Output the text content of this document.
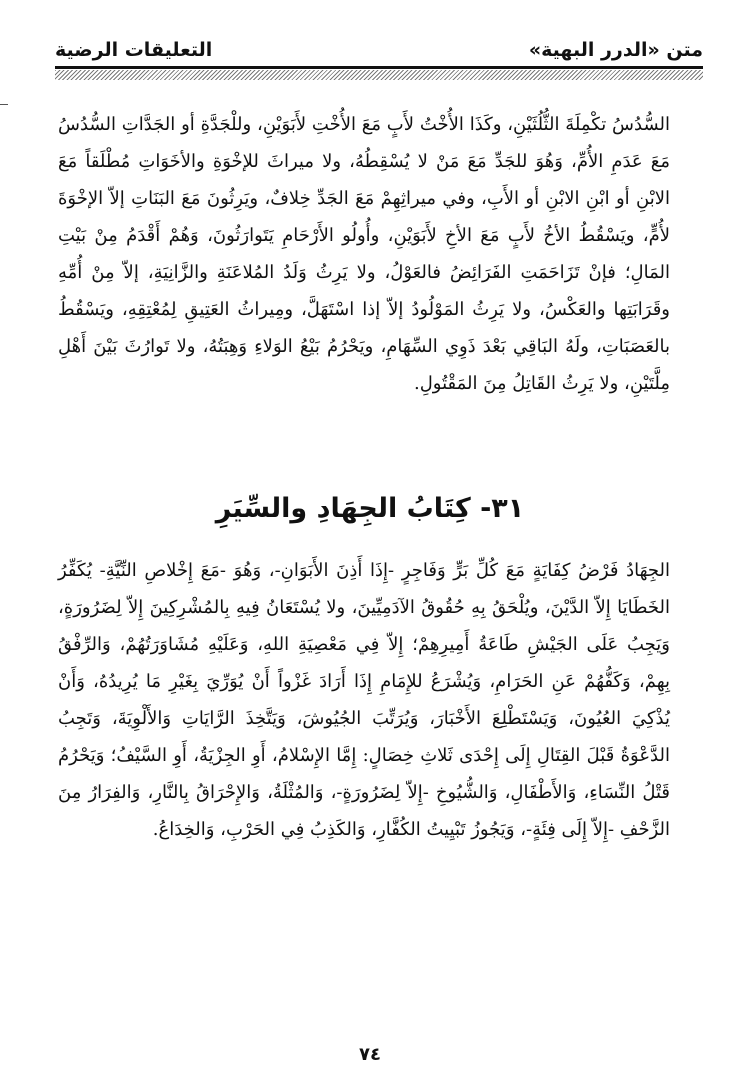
متن «الدرر البهية»
التعليقات الرضية
السُّدُسُ تكْمِلَةَ الثُّلُثَيْنِ، وكَذَا الأُخْتُ لأَبٍ مَعَ الأُخْتِ لأَبَوَيْنِ، وللْجَدَّةِ أو الجَدَّاتِ السُّدُسُ مَعَ عَدَمِ الأُمِّ، وَهُوَ للجَدِّ مَعَ مَنْ لا يُسْقِطُهُ، ولا ميراثَ للإخْوَةِ والأخَوَاتِ مُطْلَقاً مَعَ الابْنِ أو ابْنِ الابْنِ أو الأَبِ، وفي ميراثِهِمْ مَعَ الجَدِّ خِلافٌ، ويَرِثُونَ مَعَ البَنَاتِ إلاّ الإخْوَةَ لأُمٍّ، ويَسْقُطُ الأخُ لأَبٍ مَعَ الأخِ لأَبَوَيْنِ، وأُولُو الأَرْحَامِ يَتَوارَثُونَ، وَهُمْ أَقْدَمُ مِنْ بَيْتِ المَالِ؛ فإنْ تَزَاحَمَتِ الفَرَائِضُ فالعَوْلُ، ولا يَرِثُ وَلَدُ المُلاعَنَةِ والزَّانِيَةِ، إلاّ مِنْ أُمِّهِ وقَرَابَتِها والعَكْسُ، ولا يَرِثُ المَوْلُودُ إلاّ إذا اسْتَهَلَّ، ومِيراثُ العَتِيقِ لِمُعْتِقِهِ، ويَسْقُطُ بالعَصَبَاتِ، ولَهُ البَاقِي بَعْدَ ذَوِي السِّهَامِ، ويَحْرُمُ بَيْعُ الوَلاءِ وَهِبَتُهُ، ولا تَوارُثَ بَيْنَ أَهْلِ مِلَّتَيْنِ، ولا يَرِثُ القَاتِلُ مِنَ المَقْتُولِ.
٣١- كِتَابُ الجِهَادِ والسِّيَرِ
الجِهَادُ فَرْضُ كِفَايَةٍ مَعَ كُلِّ بَرٍّ وَفَاجِرٍ -إِذَا أَذِنَ الأَبَوَانِ-، وَهُوَ -مَعَ إِخْلاصِ النِّيَّةِ- يُكَفِّرُ الخَطَايَا إِلاّ الدَّيْنَ، ويُلْحَقُ بِهِ حُقُوقُ الآدَمِيِّينَ، ولا يُسْتَعَانُ فِيهِ بِالمُشْرِكِينَ إِلاّ لِضَرُورَةٍ، وَيَجِبُ عَلَى الجَيْشِ طَاعَةُ أَمِيرِهِمْ؛ إِلاّ فِي مَعْصِيَةِ اللهِ، وَعَلَيْهِ مُشَاوَرَتُهُمْ، وَالرِّفْقُ بِهِمْ، وَكَفُّهُمْ عَنِ الحَرَامِ، وَيُشْرَعُ للإِمَامِ إِذَا أَرَادَ غَزْواً أَنْ يُوَرِّيَ بِغَيْرِ مَا يُرِيدُهُ، وَأَنْ يُذْكِيَ العُيُونَ، وَيَسْتَطْلِعَ الأَخْبَارَ، وَيُرَتِّبَ الجُيُوشَ، وَيَتَّخِذَ الرَّايَاتِ وَالأَلْوِيَةَ، وَتَجِبُ الدَّعْوَةُ قَبْلَ القِتَالِ إِلَى إِحْدَى ثَلاثِ خِصَالٍ: إِمَّا الإِسْلامُ، أَوِ الجِزْيَةُ، أَوِ السَّيْفُ؛ وَيَحْرُمُ قَتْلُ النِّسَاءِ، وَالأَطْفَالِ، وَالشُّيُوخِ -إِلاّ لِضَرُورَةٍ-، وَالمُثْلَةُ، وَالإِحْرَاقُ بِالنَّارِ، وَالفِرَارُ مِنَ الزَّحْفِ -إِلاّ إِلَى فِئَةٍ-، وَيَجُوزُ تَبْيِيتُ الكُفَّارِ، وَالكَذِبُ فِي الحَرْبِ، وَالخِدَاعُ.
٧٤
